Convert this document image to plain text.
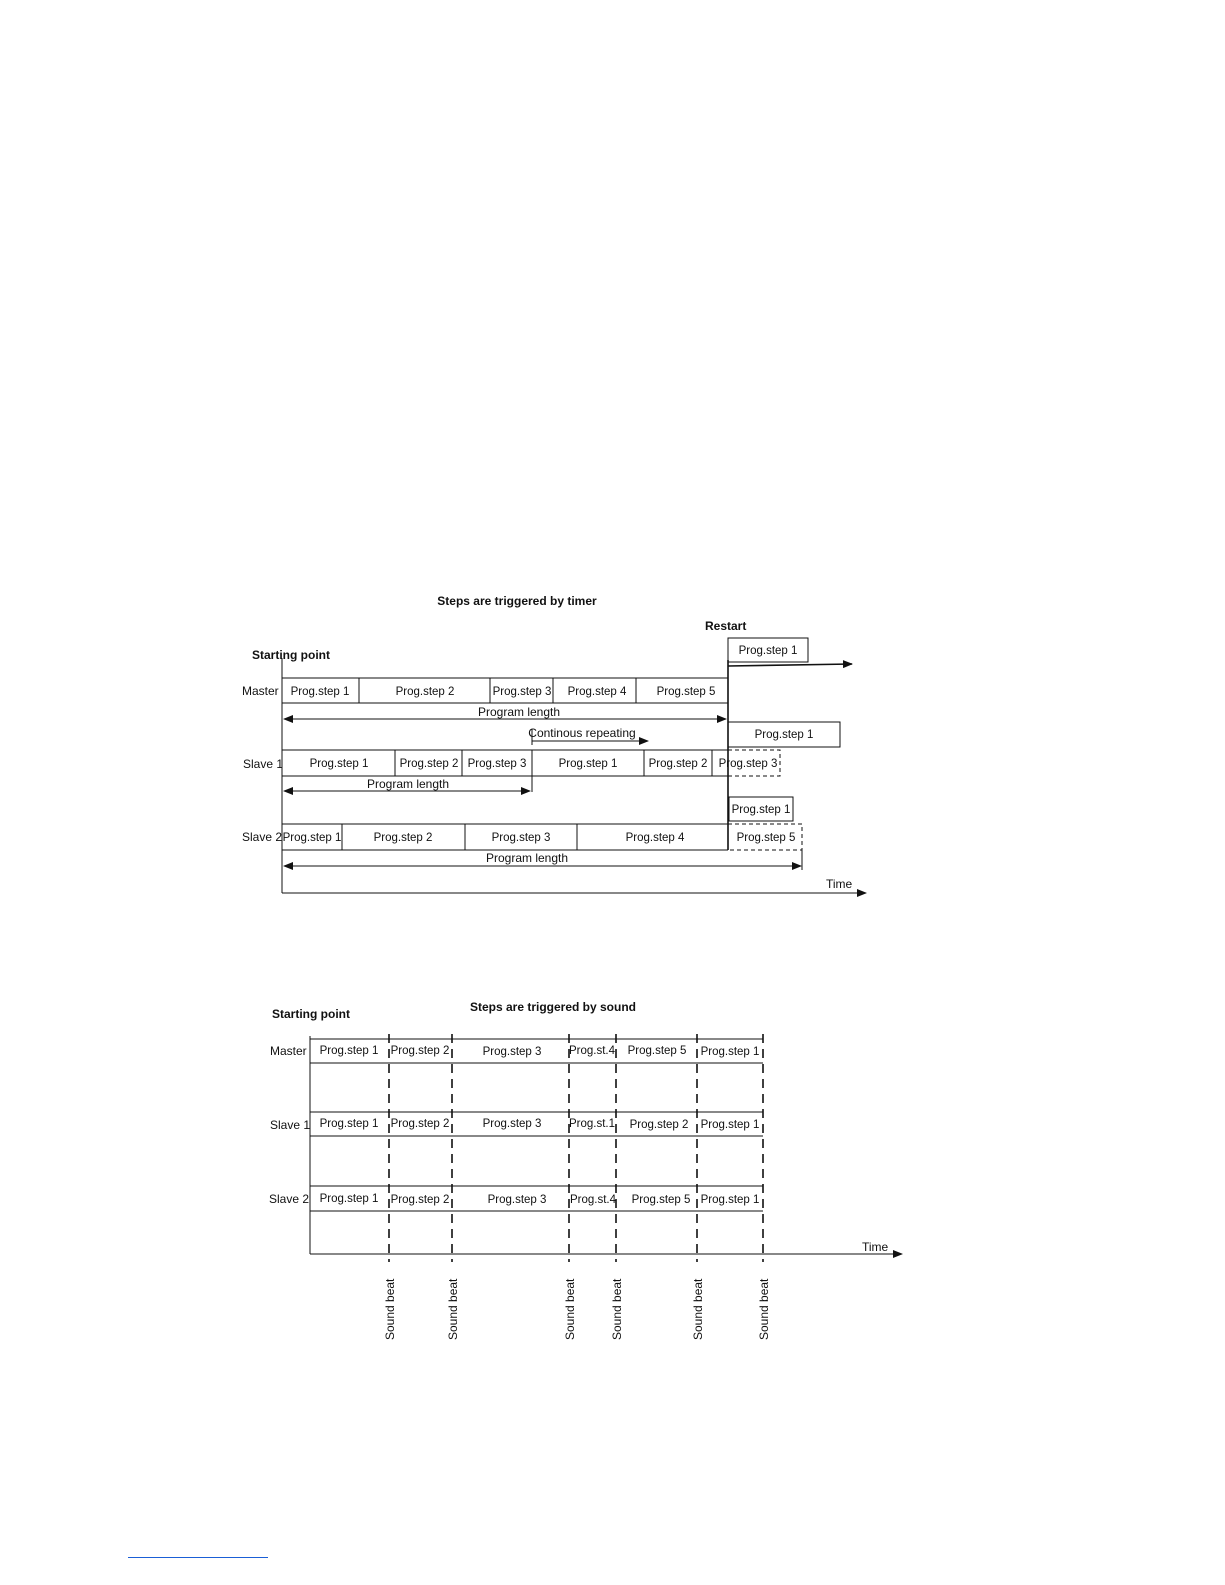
Steps are triggered by timer
Restart
Starting point
Time
Master Prog.step 1	Prog.step 2	Prog.step 3 Prog.step 4	Prog.step 5
Prog.step 1
Program length
Continous repeating
Slave 1
Prog.step 1
Prog.step 1	Prog.step 2 Prog.step 3	Prog.step 1	Prog.step 2 Prog.step 3
Program length
Slave 2
Prog.step 1
Prog.step 1	Prog.step 2	Prog.step 3	Prog.step 4	Prog.step 5
Program length
Steps are triggered by sound
Starting point
Time
Master Prog.step 1 Prog.step 2	Prog.step 3 Prog.st.4 Prog.step 5 Prog.step 1
Slave 1 Prog.step 1 Prog.step 2	Prog.step 3 Prog.st.1 Prog.step 2 Prog.step 1
Slave 2 Prog.step 1 Prog.step 2	Prog.step 3 Prog.st.4 Prog.step 5 Prog.step 1
Sound beat	Sound beat	Sound beat	Sound beat	Sound beat	Sound beat
